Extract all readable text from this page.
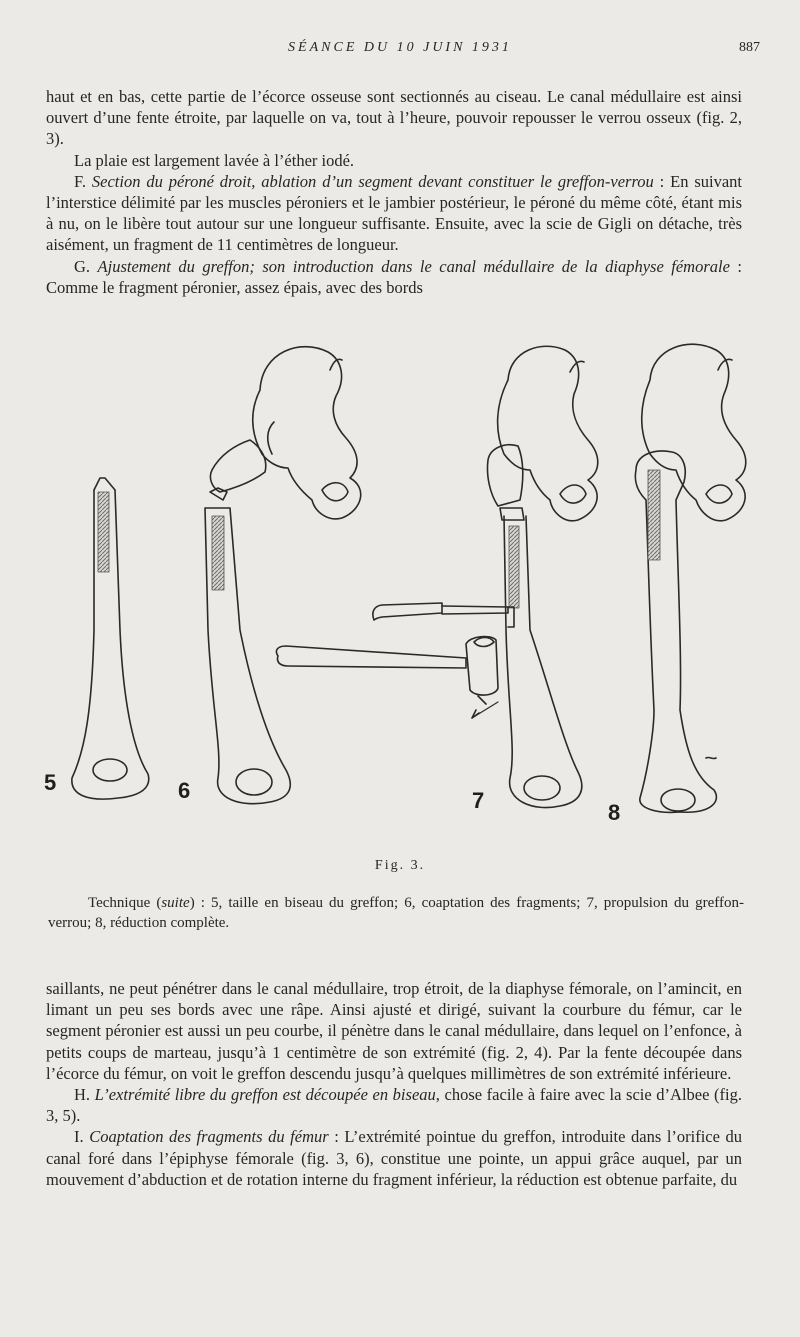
SÉANCE DU 10 JUIN 1931	887

haut et en bas, cette partie de l’écorce osseuse sont sectionnés au ciseau. Le canal médullaire est ainsi ouvert d’une fente étroite, par laquelle on va, tout à l’heure, pouvoir repousser le verrou osseux (fig. 2, 3).

La plaie est largement lavée à l’éther iodé.

F. Section du péroné droit, ablation d’un segment devant constituer le greffon-verrou : En suivant l’interstice délimité par les muscles péroniers et le jambier postérieur, le péroné du même côté, étant mis à nu, on le libère tout autour sur une longueur suffisante. Ensuite, avec la scie de Gigli on détache, très aisément, un fragment de 11 centimètres de longueur.

G. Ajustement du greffon; son introduction dans le canal médullaire de la diaphyse fémorale : Comme le fragment péronier, assez épais, avec des bords

5	6	7	8
Fig. 3.

Technique (suite) : 5, taille en biseau du greffon; 6, coaptation des fragments; 7, propulsion du greffon-verrou; 8, réduction complète.

saillants, ne peut pénétrer dans le canal médullaire, trop étroit, de la diaphyse fémorale, on l’amincit, en limant un peu ses bords avec une râpe. Ainsi ajusté et dirigé, suivant la courbure du fémur, car le segment péronier est aussi un peu courbe, il pénètre dans le canal médullaire, dans lequel on l’enfonce, à petits coups de marteau, jusqu’à 1 centimètre de son extrémité (fig. 2, 4). Par la fente découpée dans l’écorce du fémur, on voit le greffon descendu jusqu’à quelques millimètres de son extrémité inférieure.

H. L’extrémité libre du greffon est découpée en biseau, chose facile à faire avec la scie d’Albee (fig. 3, 5).

I. Coaptation des fragments du fémur : L’extrémité pointue du greffon, introduite dans l’orifice du canal foré dans l’épiphyse fémorale (fig. 3, 6), constitue une pointe, un appui grâce auquel, par un mouvement d’abduction et de rotation interne du fragment inférieur, la réduction est obtenue parfaite, du
